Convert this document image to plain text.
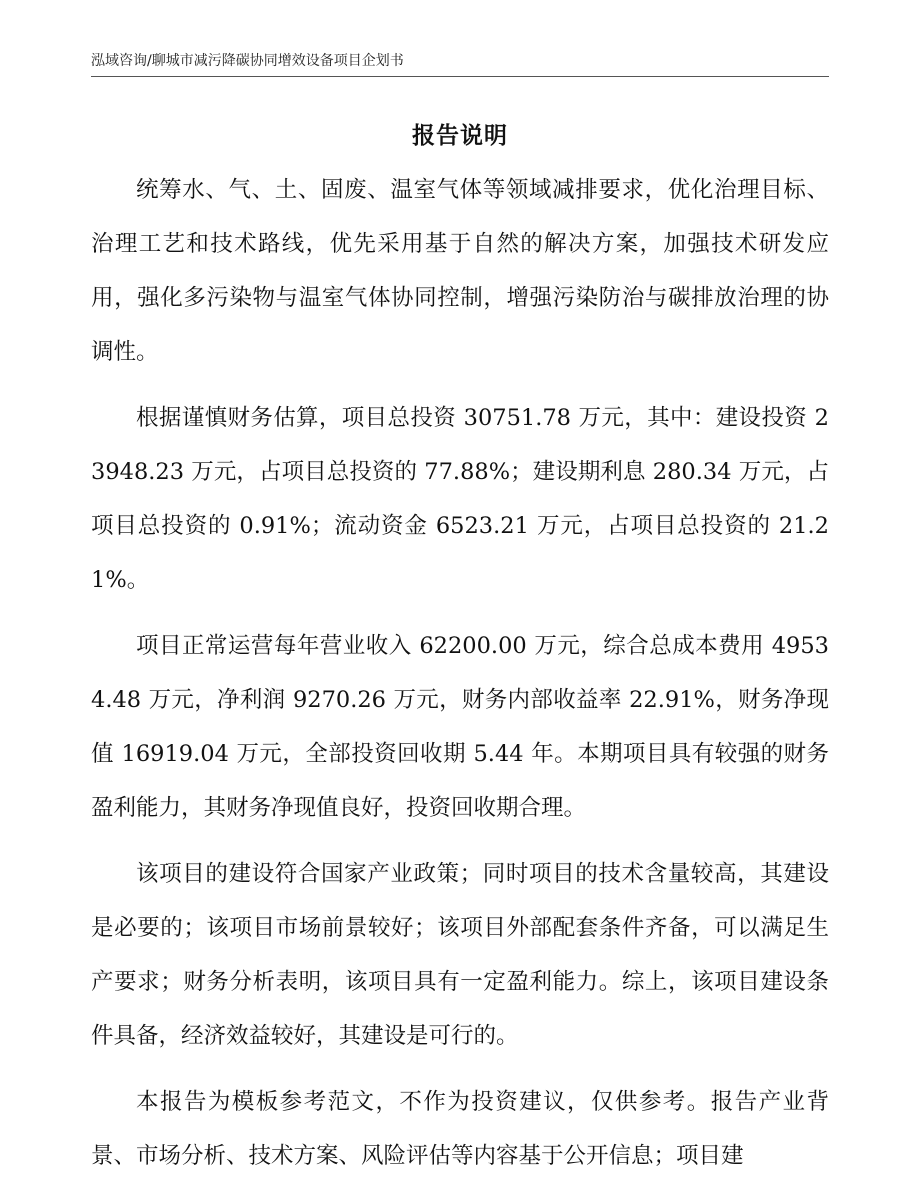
泓域咨询/聊城市减污降碳协同增效设备项目企划书
报告说明

统筹水、气、土、固废、温室气体等领域减排要求，优化治理目标、治理工艺和技术路线，优先采用基于自然的解决方案，加强技术研发应用，强化多污染物与温室气体协同控制，增强污染防治与碳排放治理的协调性。

根据谨慎财务估算，项目总投资 30751.78 万元，其中：建设投资 23948.23 万元，占项目总投资的 77.88%；建设期利息 280.34 万元，占项目总投资的 0.91%；流动资金 6523.21 万元，占项目总投资的 21.21%。

项目正常运营每年营业收入 62200.00 万元，综合总成本费用 49534.48 万元，净利润 9270.26 万元，财务内部收益率 22.91%，财务净现值 16919.04 万元，全部投资回收期 5.44 年。本期项目具有较强的财务盈利能力，其财务净现值良好，投资回收期合理。

该项目的建设符合国家产业政策；同时项目的技术含量较高，其建设是必要的；该项目市场前景较好；该项目外部配套条件齐备，可以满足生产要求；财务分析表明，该项目具有一定盈利能力。综上，该项目建设条件具备，经济效益较好，其建设是可行的。

本报告为模板参考范文，不作为投资建议，仅供参考。报告产业背景、市场分析、技术方案、风险评估等内容基于公开信息；项目建
